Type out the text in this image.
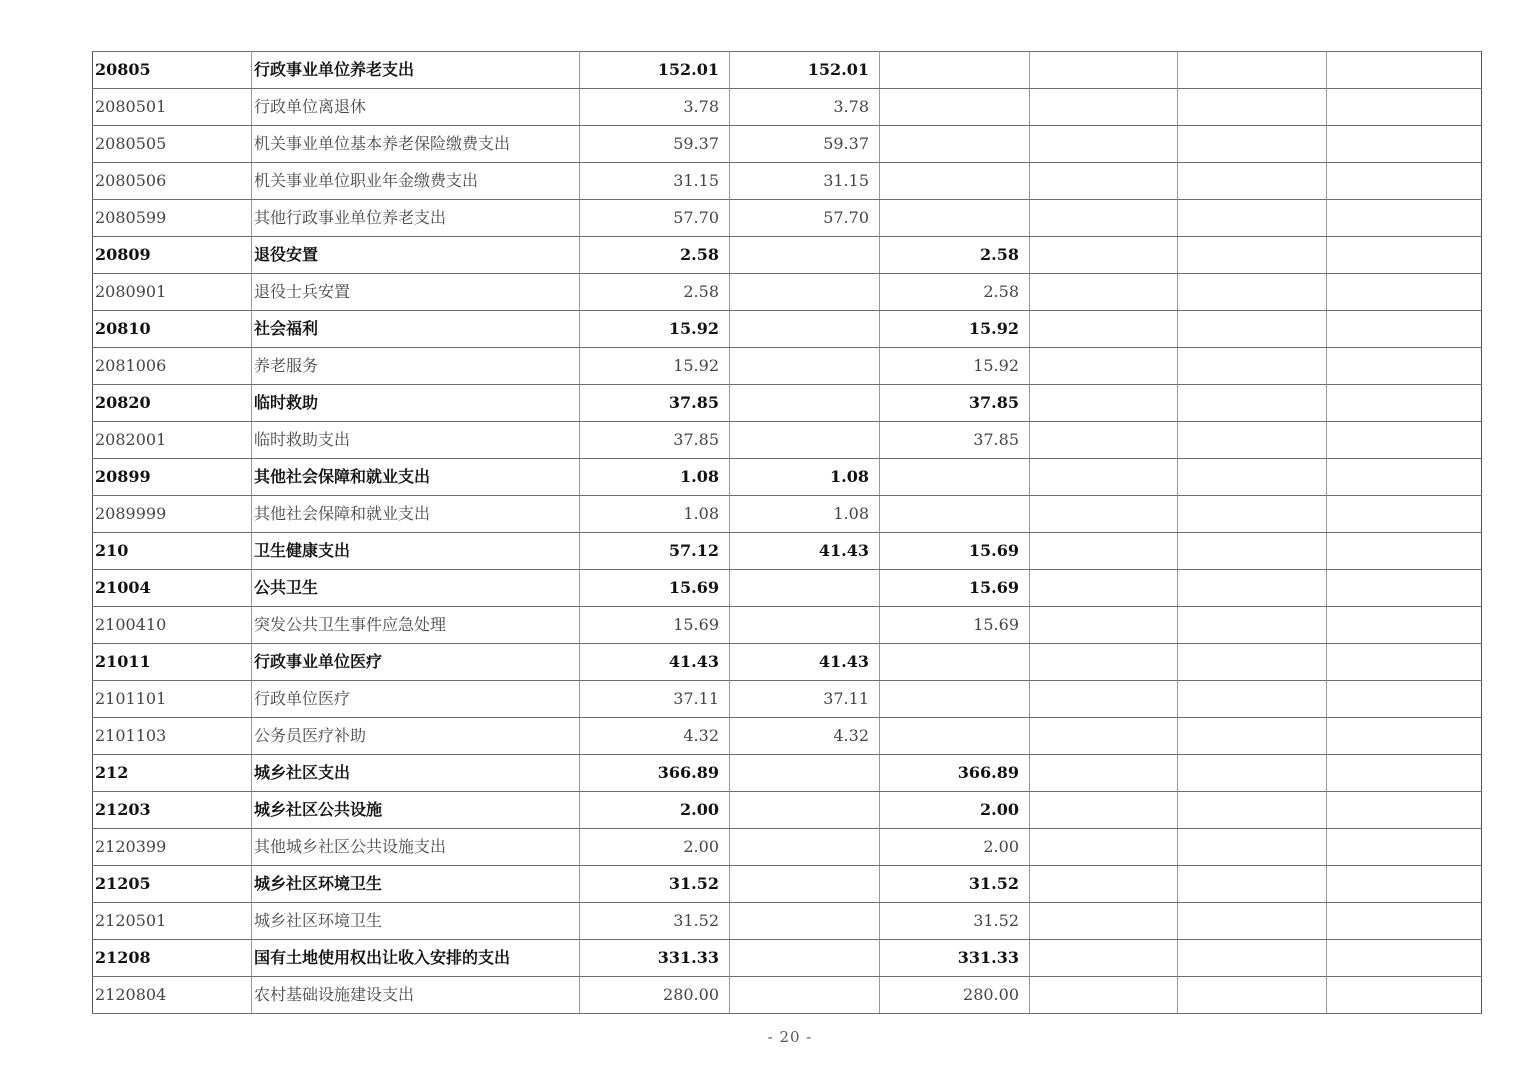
20805	行政事业单位养老支出	152.01	152.01				
2080501	行政单位离退休	3.78	3.78				
2080505	机关事业单位基本养老保险缴费支出	59.37	59.37				
2080506	机关事业单位职业年金缴费支出	31.15	31.15				
2080599	其他行政事业单位养老支出	57.70	57.70				
20809	退役安置	2.58		2.58			
2080901	退役士兵安置	2.58		2.58			
20810	社会福利	15.92		15.92			
2081006	养老服务	15.92		15.92			
20820	临时救助	37.85		37.85			
2082001	临时救助支出	37.85		37.85			
20899	其他社会保障和就业支出	1.08	1.08				
2089999	其他社会保障和就业支出	1.08	1.08				
210	卫生健康支出	57.12	41.43	15.69			
21004	公共卫生	15.69		15.69			
2100410	突发公共卫生事件应急处理	15.69		15.69			
21011	行政事业单位医疗	41.43	41.43				
2101101	行政单位医疗	37.11	37.11				
2101103	公务员医疗补助	4.32	4.32				
212	城乡社区支出	366.89		366.89			
21203	城乡社区公共设施	2.00		2.00			
2120399	其他城乡社区公共设施支出	2.00		2.00			
21205	城乡社区环境卫生	31.52		31.52			
2120501	城乡社区环境卫生	31.52		31.52			
21208	国有土地使用权出让收入安排的支出	331.33		331.33			
2120804	农村基础设施建设支出	280.00		280.00			
- 20 -
